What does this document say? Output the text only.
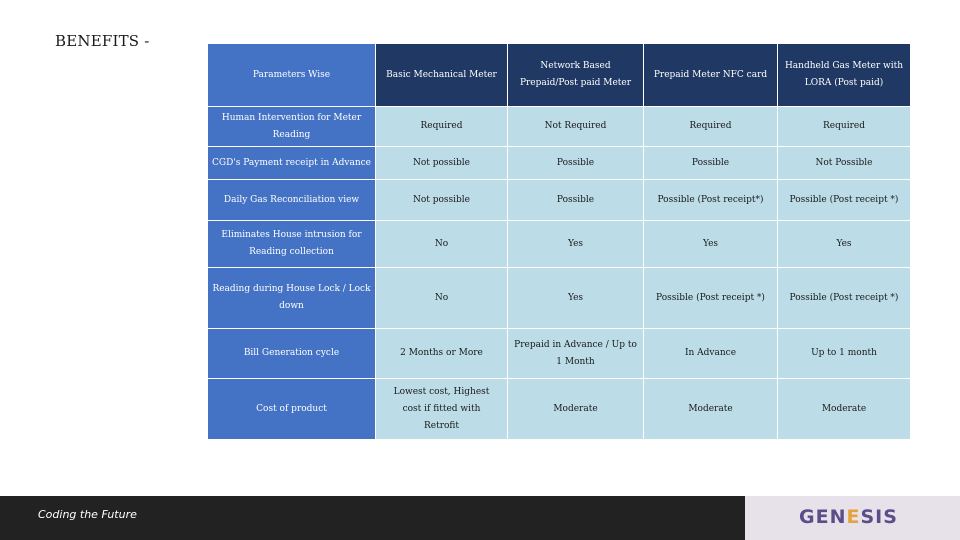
BENEFITS -
Parameters Wise	Basic Mechanical Meter	Network Based Prepaid/Post paid Meter	Prepaid Meter NFC card	Handheld Gas Meter with LORA (Post paid)
Human Intervention for Meter Reading	Required	Not Required	Required	Required
CGD's Payment receipt in Advance	Not possible	Possible	Possible	Not Possible
Daily Gas Reconciliation view	Not possible	Possible	Possible (Post receipt*)	Possible (Post receipt *)
Eliminates House intrusion for Reading collection	No	Yes	Yes	Yes
Reading during House Lock / Lock down	No	Yes	Possible (Post receipt *)	Possible (Post receipt *)
Bill Generation cycle	2 Months or More	Prepaid in Advance / Up to 1 Month	In Advance	Up to 1 month
Cost of product	Lowest cost, Highest cost if fitted with Retrofit	Moderate	Moderate	Moderate
Coding the Future	GENESIS
